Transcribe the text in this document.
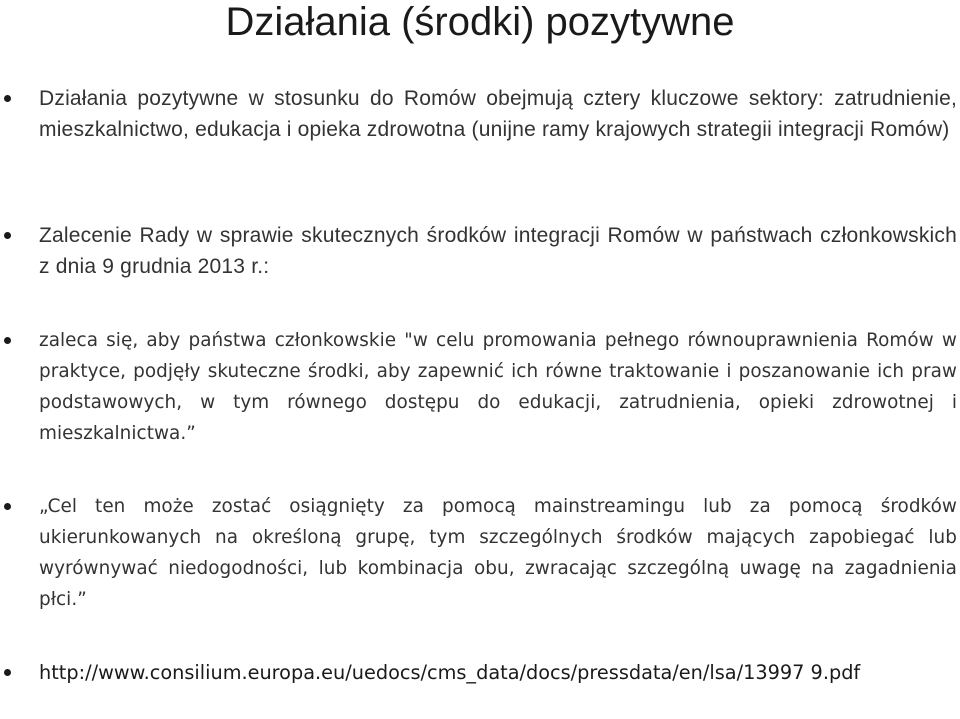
Działania (środki) pozytywne

Działania pozytywne w stosunku do Romów obejmują cztery kluczowe sektory: zatrudnienie, mieszkalnictwo, edukacja i opieka zdrowotna (unijne ramy krajowych strategii integracji Romów)

Zalecenie Rady w sprawie skutecznych środków integracji Romów w państwach członkowskich z dnia 9 grudnia 2013 r.:

zaleca się, aby państwa członkowskie "w celu promowania pełnego równouprawnienia Romów w praktyce, podjęły skuteczne środki, aby zapewnić ich równe traktowanie i poszanowanie ich praw podstawowych, w tym równego dostępu do edukacji, zatrudnienia, opieki zdrowotnej i mieszkalnictwa.”

„Cel ten może zostać osiągnięty za pomocą mainstreamingu lub za pomocą środków ukierunkowanych na określoną grupę, tym szczególnych środków mających zapobiegać lub wyrównywać niedogodności, lub kombinacja obu, zwracając szczególną uwagę na zagadnienia płci.”

http://www.consilium.europa.eu/uedocs/cms_data/docs/pressdata/en/lsa/13997 9.pdf
